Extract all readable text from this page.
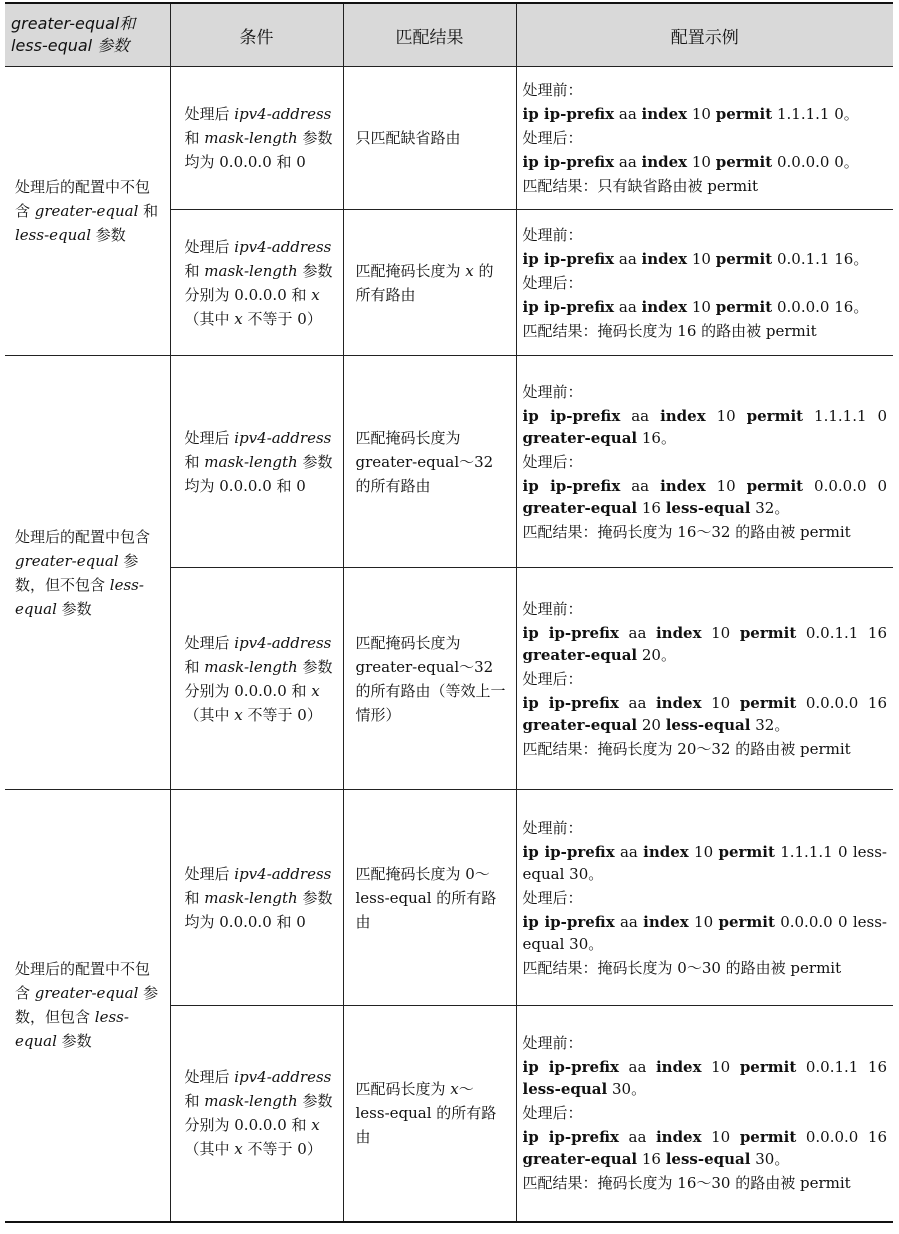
greater-equal和
less-equal 参数	条件	匹配结果	配置示例
处理后的配置中不包含 greater-equal 和 less-equal 参数	处理后 ipv4-address 和 mask-length 参数均为 0.0.0.0 和 0	只匹配缺省路由	处理前：
ip ip-prefix aa index 10 permit 1.1.1.1 0。
处理后：
ip ip-prefix aa index 10 permit 0.0.0.0 0。
匹配结果：只有缺省路由被 permit

	处理后 ipv4-address 和 mask-length 参数分别为 0.0.0.0 和 x（其中 x 不等于 0）	匹配掩码长度为 x 的所有路由	处理前：
ip ip-prefix aa index 10 permit 0.0.1.1 16。
处理后：
ip ip-prefix aa index 10 permit 0.0.0.0 16。
匹配结果：掩码长度为 16 的路由被 permit

处理后的配置中包含 greater-equal 参数，但不包含 less-equal 参数	处理后 ipv4-address 和 mask-length 参数均为 0.0.0.0 和 0	匹配掩码长度为 greater-equal～32 的所有路由	处理前：
ip ip-prefix aa index 10 permit 1.1.1.1 0 greater-equal 16。
处理后：
ip ip-prefix aa index 10 permit 0.0.0.0 0 greater-equal 16 less-equal 32。
匹配结果：掩码长度为 16～32 的路由被 permit

	处理后 ipv4-address 和 mask-length 参数分别为 0.0.0.0 和 x（其中 x 不等于 0）	匹配掩码长度为 greater-equal～32 的所有路由（等效上一情形）	处理前：
ip ip-prefix aa index 10 permit 0.0.1.1 16 greater-equal 20。
处理后：
ip ip-prefix aa index 10 permit 0.0.0.0 16 greater-equal 20 less-equal 32。
匹配结果：掩码长度为 20～32 的路由被 permit

处理后的配置中不包含 greater-equal 参数，但包含 less-equal 参数	处理后 ipv4-address 和 mask-length 参数均为 0.0.0.0 和 0	匹配掩码长度为 0～less-equal 的所有路由	处理前：
ip ip-prefix aa index 10 permit 1.1.1.1 0 less-equal 30。
处理后：
ip ip-prefix aa index 10 permit 0.0.0.0 0 less-equal 30。
匹配结果：掩码长度为 0～30 的路由被 permit

	处理后 ipv4-address 和 mask-length 参数分别为 0.0.0.0 和 x（其中 x 不等于 0）	匹配码长度为 x～less-equal 的所有路由	处理前：
ip ip-prefix aa index 10 permit 0.0.1.1 16 less-equal 30。
处理后：
ip ip-prefix aa index 10 permit 0.0.0.0 16 greater-equal 16 less-equal 30。
匹配结果：掩码长度为 16～30 的路由被 permit
